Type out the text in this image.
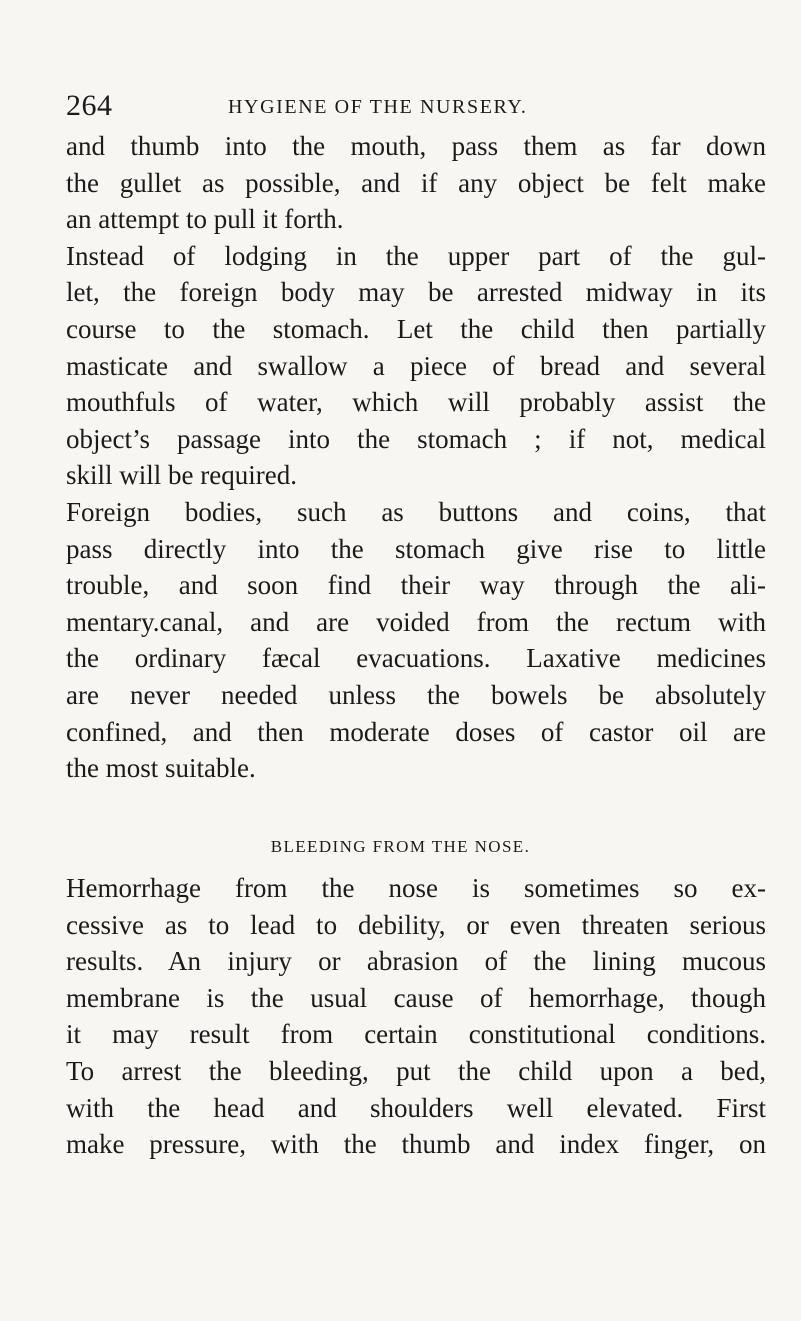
264	HYGIENE OF THE NURSERY.
and thumb into the mouth, pass them as far down
the gullet as possible, and if any object be felt make
an attempt to pull it forth.
Instead of lodging in the upper part of the gul-
let, the foreign body may be arrested midway in its
course to the stomach. Let the child then partially
masticate and swallow a piece of bread and several
mouthfuls of water, which will probably assist the
object’s passage into the stomach ; if not, medical
skill will be required.
Foreign bodies, such as buttons and coins, that
pass directly into the stomach give rise to little
trouble, and soon find their way through the ali-
mentary.canal, and are voided from the rectum with
the ordinary fæcal evacuations. Laxative medicines
are never needed unless the bowels be absolutely
confined, and then moderate doses of castor oil are
the most suitable.
BLEEDING FROM THE NOSE.
Hemorrhage from the nose is sometimes so ex-
cessive as to lead to debility, or even threaten serious
results. An injury or abrasion of the lining mucous
membrane is the usual cause of hemorrhage, though
it may result from certain constitutional conditions.
To arrest the bleeding, put the child upon a bed,
with the head and shoulders well elevated. First
make pressure, with the thumb and index finger, on
